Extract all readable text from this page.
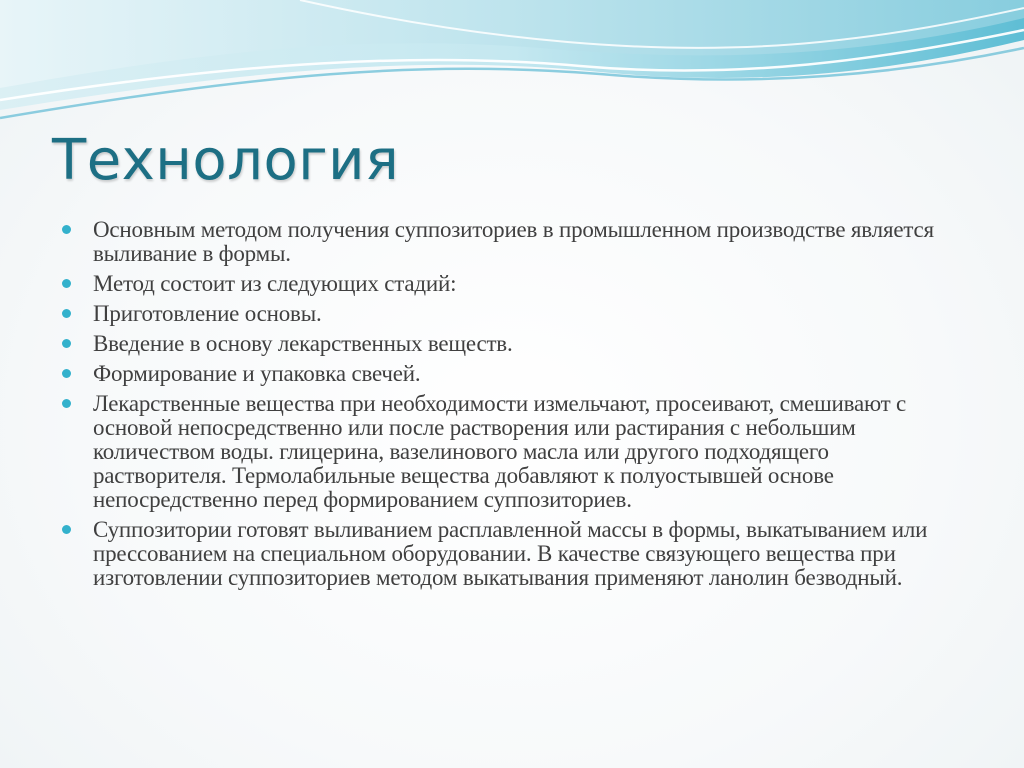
Технология
Основным методом получения суппозиториев в промышленном производстве является выливание в формы.
Метод состоит из следующих стадий:
Приготовление основы.
Введение в основу лекарственных веществ.
Формирование и упаковка свечей.
Лекарственные вещества при необходимости измельчают, просеивают, смешивают с основой непосредственно или после растворения или растирания с небольшим количеством воды. глицерина, вазелинового масла или другого подходящего растворителя. Термолабильные вещества добавляют к полуостывшей основе непосредственно перед формированием суппозиториев.
Суппозитории готовят выливанием расплавленной массы в формы, выкатыванием или прессованием на специальном оборудовании. В качестве связующего вещества при изготовлении суппозиториев методом выкатывания применяют ланолин безводный.
